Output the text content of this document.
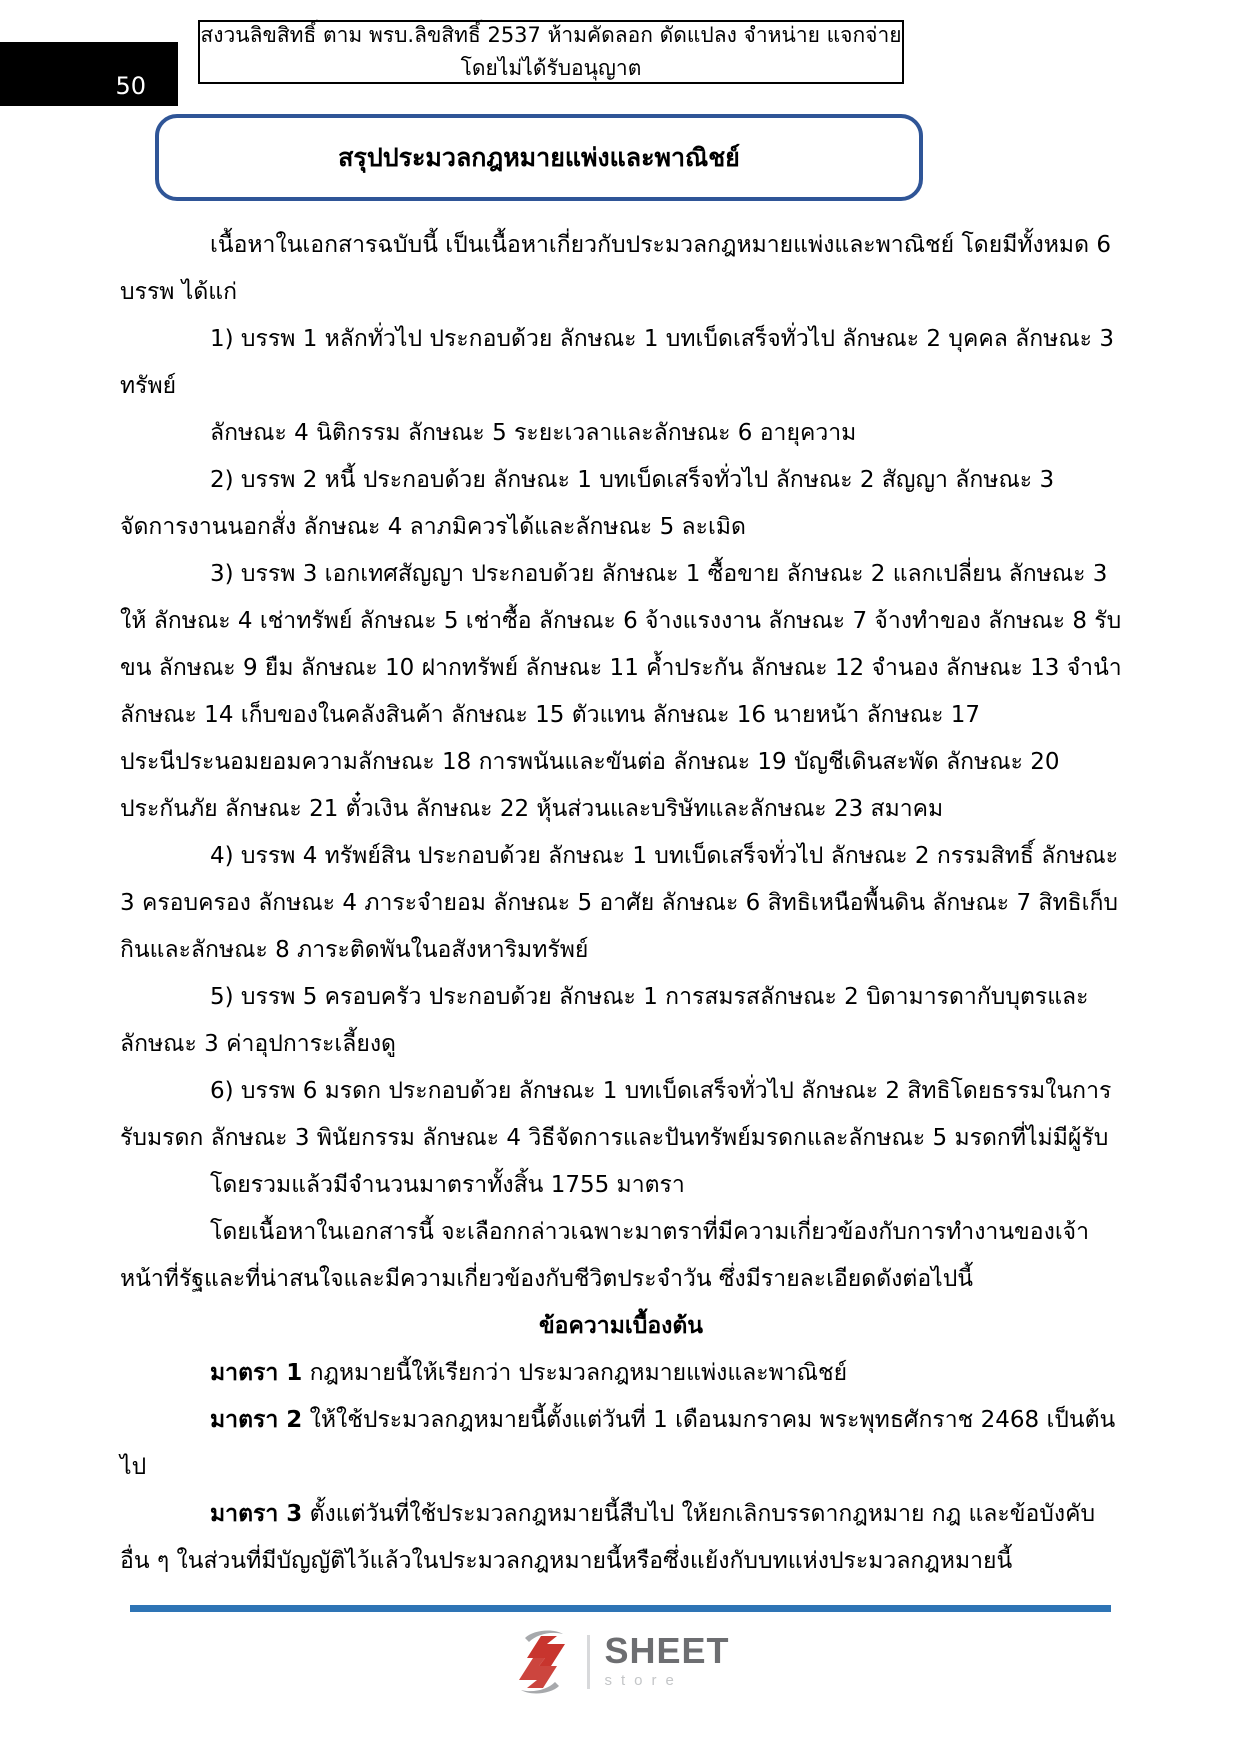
50
สงวนลิขสิทธิ์ ตาม พรบ.ลิขสิทธิ์ 2537 ห้ามคัดลอก ดัดแปลง จำหน่าย แจกจ่าย โดยไม่ได้รับอนุญาต
สรุปประมวลกฎหมายแพ่งและพาณิชย์

เนื้อหาในเอกสารฉบับนี้ เป็นเนื้อหาเกี่ยวกับประมวลกฎหมายแพ่งและพาณิชย์ โดยมีทั้งหมด 6 บรรพ ได้แก่

1) บรรพ 1 หลักทั่วไป ประกอบด้วย ลักษณะ 1 บทเบ็ดเสร็จทั่วไป ลักษณะ 2 บุคคล ลักษณะ 3 ทรัพย์

ลักษณะ 4 นิติกรรม ลักษณะ 5 ระยะเวลาและลักษณะ 6 อายุความ

2) บรรพ 2 หนี้ ประกอบด้วย ลักษณะ 1 บทเบ็ดเสร็จทั่วไป ลักษณะ 2 สัญญา ลักษณะ 3 จัดการงานนอกสั่ง ลักษณะ 4 ลาภมิควรได้และลักษณะ 5 ละเมิด

3) บรรพ 3 เอกเทศสัญญา ประกอบด้วย ลักษณะ 1 ซื้อขาย ลักษณะ 2 แลกเปลี่ยน ลักษณะ 3 ให้ ลักษณะ 4 เช่าทรัพย์ ลักษณะ 5 เช่าซื้อ ลักษณะ 6 จ้างแรงงาน ลักษณะ 7 จ้างทำของ ลักษณะ 8 รับขน ลักษณะ 9 ยืม ลักษณะ 10 ฝากทรัพย์ ลักษณะ 11 ค้ำประกัน ลักษณะ 12 จำนอง ลักษณะ 13 จำนำ ลักษณะ 14 เก็บของในคลังสินค้า ลักษณะ 15 ตัวแทน ลักษณะ 16 นายหน้า ลักษณะ 17 ประนีประนอมยอมความลักษณะ 18 การพนันและขันต่อ ลักษณะ 19 บัญชีเดินสะพัด ลักษณะ 20 ประกันภัย ลักษณะ 21 ตั๋วเงิน ลักษณะ 22 หุ้นส่วนและบริษัทและลักษณะ 23 สมาคม

4) บรรพ 4 ทรัพย์สิน ประกอบด้วย ลักษณะ 1 บทเบ็ดเสร็จทั่วไป ลักษณะ 2 กรรมสิทธิ์ ลักษณะ 3 ครอบครอง ลักษณะ 4 ภาระจำยอม ลักษณะ 5 อาศัย ลักษณะ 6 สิทธิเหนือพื้นดิน ลักษณะ 7 สิทธิเก็บกินและลักษณะ 8 ภาระติดพันในอสังหาริมทรัพย์

5) บรรพ 5 ครอบครัว ประกอบด้วย ลักษณะ 1 การสมรสลักษณะ 2 บิดามารดากับบุตรและ ลักษณะ 3 ค่าอุปการะเลี้ยงดู

6) บรรพ 6 มรดก ประกอบด้วย ลักษณะ 1 บทเบ็ดเสร็จทั่วไป ลักษณะ 2 สิทธิโดยธรรมในการรับมรดก ลักษณะ 3 พินัยกรรม ลักษณะ 4 วิธีจัดการและปันทรัพย์มรดกและลักษณะ 5 มรดกที่ไม่มีผู้รับ

โดยรวมแล้วมีจำนวนมาตราทั้งสิ้น 1755 มาตรา

โดยเนื้อหาในเอกสารนี้ จะเลือกกล่าวเฉพาะมาตราที่มีความเกี่ยวข้องกับการทำงานของเจ้าหน้าที่รัฐและที่น่าสนใจและมีความเกี่ยวข้องกับชีวิตประจำวัน ซึ่งมีรายละเอียดดังต่อไปนี้

ข้อความเบื้องต้น

มาตรา 1 กฎหมายนี้ให้เรียกว่า ประมวลกฎหมายแพ่งและพาณิชย์

มาตรา 2 ให้ใช้ประมวลกฎหมายนี้ตั้งแต่วันที่ 1 เดือนมกราคม พระพุทธศักราช 2468 เป็นต้นไป

มาตรา 3 ตั้งแต่วันที่ใช้ประมวลกฎหมายนี้สืบไป ให้ยกเลิกบรรดากฎหมาย กฎ และข้อบังคับอื่น ๆ ในส่วนที่มีบัญญัติไว้แล้วในประมวลกฎหมายนี้หรือซึ่งแย้งกับบทแห่งประมวลกฎหมายนี้

SHEET
store
